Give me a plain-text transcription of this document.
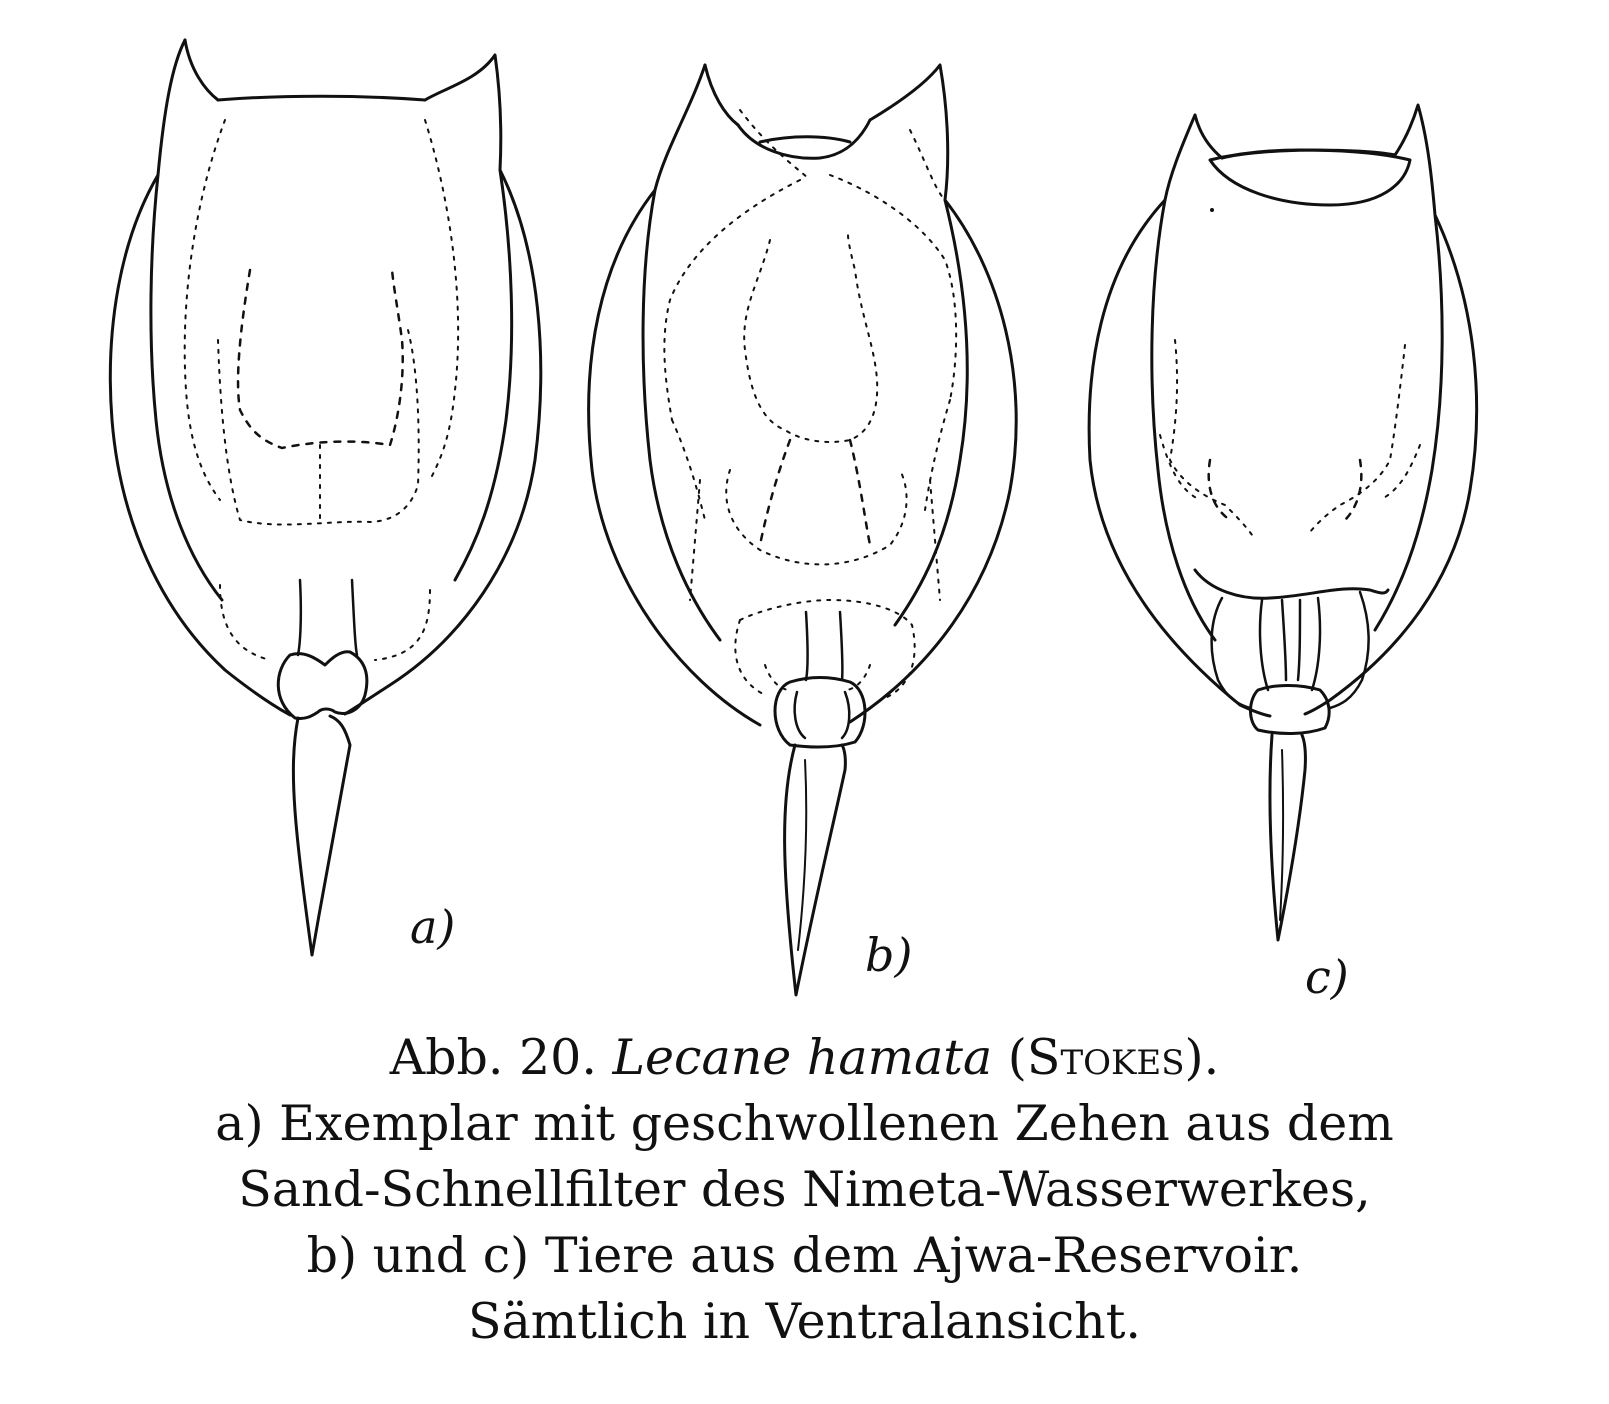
a)
b)	c)
Abb. 20. Lecane hamata (Stokes).
a) Exemplar mit geschwollenen Zehen aus dem
Sand-Schnellfilter des Nimeta-Wasserwerkes,
b) und c) Tiere aus dem Ajwa-Reservoir.
Sämtlich in Ventralansicht.
